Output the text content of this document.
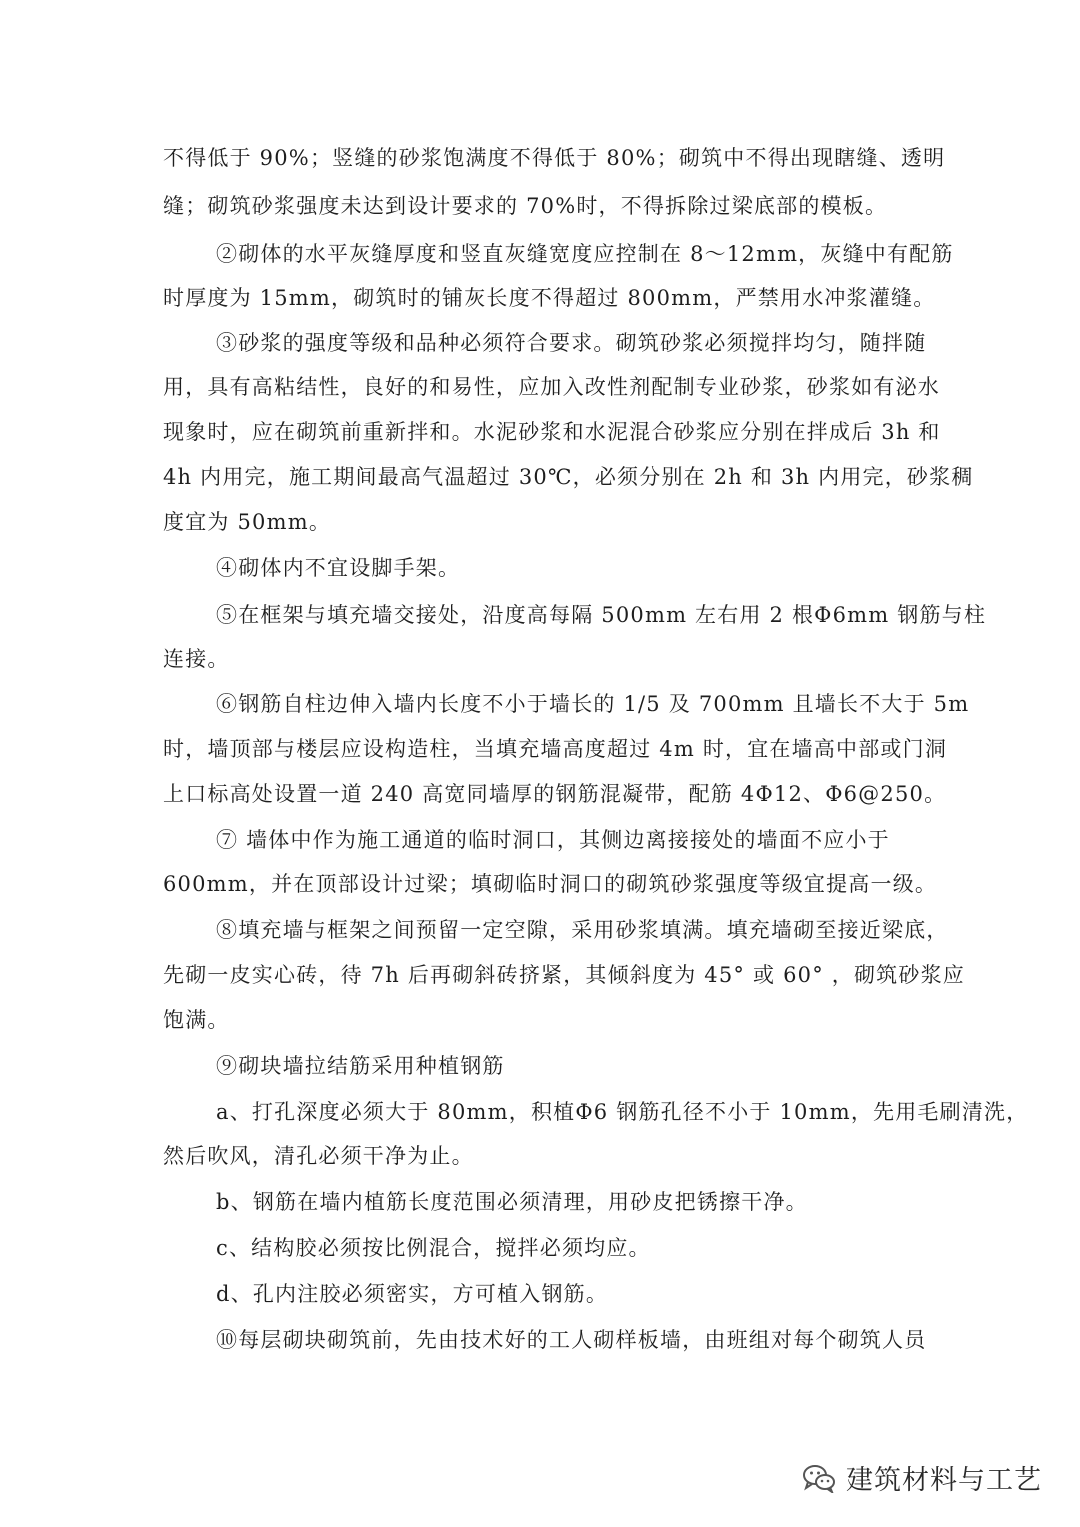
不得低于 90%；竖缝的砂浆饱满度不得低于 80%；砌筑中不得出现瞎缝、透明
缝；砌筑砂浆强度未达到设计要求的 70%时，不得拆除过梁底部的模板。
②砌体的水平灰缝厚度和竖直灰缝宽度应控制在 8～12mm，灰缝中有配筋
时厚度为 15mm，砌筑时的铺灰长度不得超过 800mm，严禁用水冲浆灌缝。
③砂浆的强度等级和品种必须符合要求。砌筑砂浆必须搅拌均匀，随拌随
用，具有高粘结性，良好的和易性，应加入改性剂配制专业砂浆，砂浆如有泌水
现象时，应在砌筑前重新拌和。水泥砂浆和水泥混合砂浆应分别在拌成后 3h 和
4h 内用完，施工期间最高气温超过 30℃，必须分别在 2h 和 3h 内用完，砂浆稠
度宜为 50mm。
④砌体内不宜设脚手架。
⑤在框架与填充墙交接处，沿度高每隔 500mm 左右用 2 根Φ6mm 钢筋与柱
连接。
⑥钢筋自柱边伸入墙内长度不小于墙长的 1/5 及 700mm 且墙长不大于 5m
时，墙顶部与楼层应设构造柱，当填充墙高度超过 4m 时，宜在墙高中部或门洞
上口标高处设置一道 240 高宽同墙厚的钢筋混凝带，配筋 4Φ12、Φ6@250。
⑦ 墙体中作为施工通道的临时洞口，其侧边离接接处的墙面不应小于
600mm，并在顶部设计过梁；填砌临时洞口的砌筑砂浆强度等级宜提高一级。
⑧填充墙与框架之间预留一定空隙，采用砂浆填满。填充墙砌至接近梁底，
先砌一皮实心砖，待 7h 后再砌斜砖挤紧，其倾斜度为 45° 或 60° ，砌筑砂浆应
饱满。
⑨砌块墙拉结筋采用种植钢筋
a、打孔深度必须大于 80mm，积植Φ6 钢筋孔径不小于 10mm，先用毛刷清洗，
然后吹风，清孔必须干净为止。
b、钢筋在墙内植筋长度范围必须清理，用砂皮把锈擦干净。
c、结构胶必须按比例混合，搅拌必须均应。
d、孔内注胶必须密实，方可植入钢筋。
⑩每层砌块砌筑前，先由技术好的工人砌样板墙，由班组对每个砌筑人员
建筑材料与工艺
